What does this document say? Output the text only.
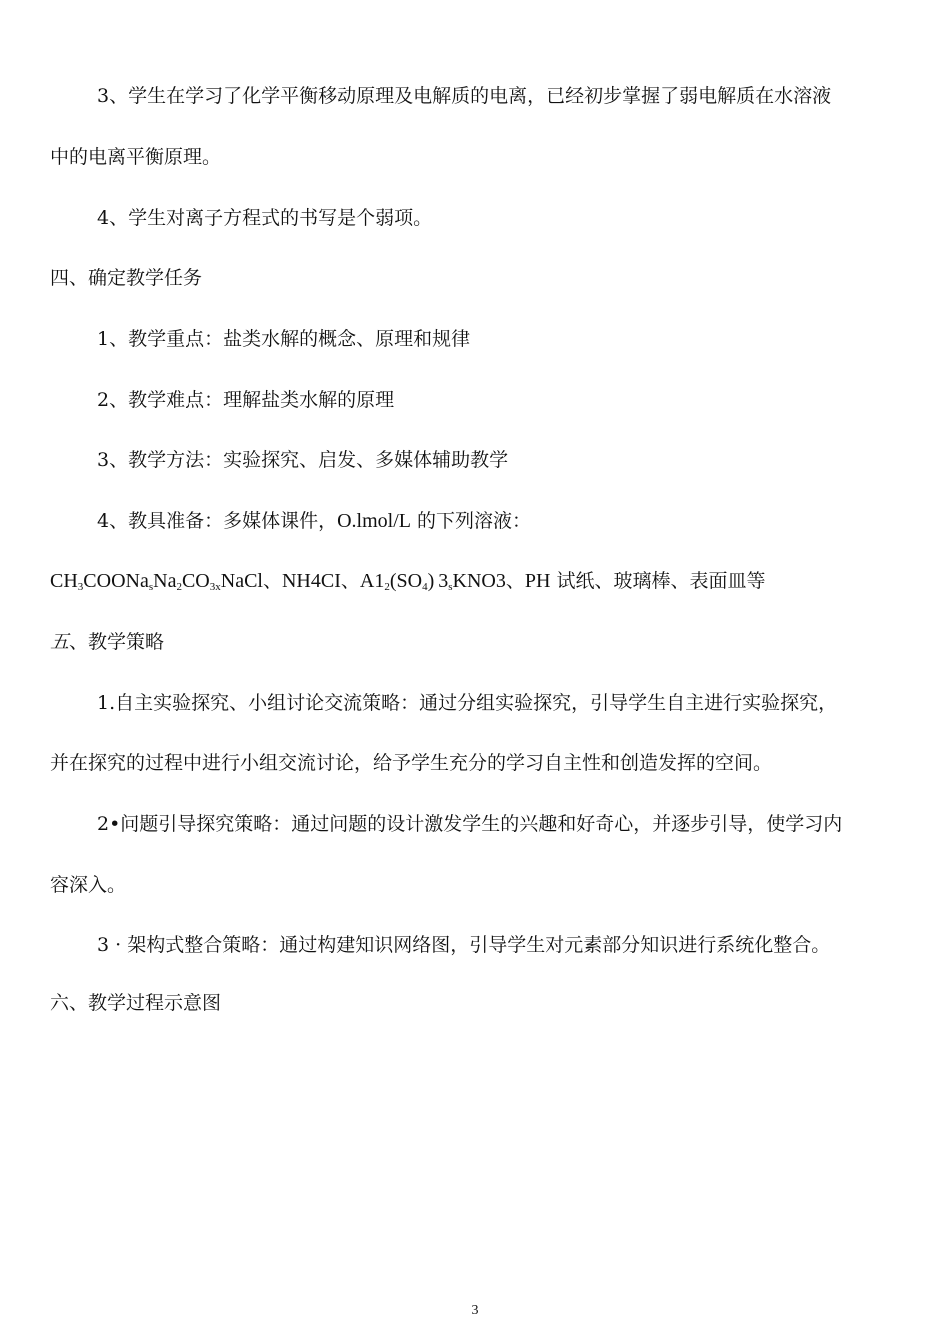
3、学生在学习了化学平衡移动原理及电解质的电离，已经初步掌握了弱电解质在水溶液
中的电离平衡原理。
4、学生对离子方程式的书写是个弱项。
四、确定教学任务
1、教学重点：盐类水解的概念、原理和规律
2、教学难点：理解盐类水解的原理
3、教学方法：实验探究、启发、多媒体辅助教学
4、教具准备：多媒体课件，O.lmol/L 的下列溶液：
$CH_3COONa_sNa_2CO_{3x}NaCl$、NH4CI、$A1_2(SO_4)$ $3_sKNO3$、PH 试纸、玻璃棒、表面皿等
五、教学策略
1.自主实验探究、小组讨论交流策略：通过分组实验探究，引导学生自主进行实验探究，
并在探究的过程中进行小组交流讨论，给予学生充分的学习自主性和创造发挥的空间。
2•问题引导探究策略：通过问题的设计激发学生的兴趣和好奇心，并逐步引导，使学习内
容深入。
3 · 架构式整合策略：通过构建知识网络图，引导学生对元素部分知识进行系统化整合。
六、教学过程示意图
3
